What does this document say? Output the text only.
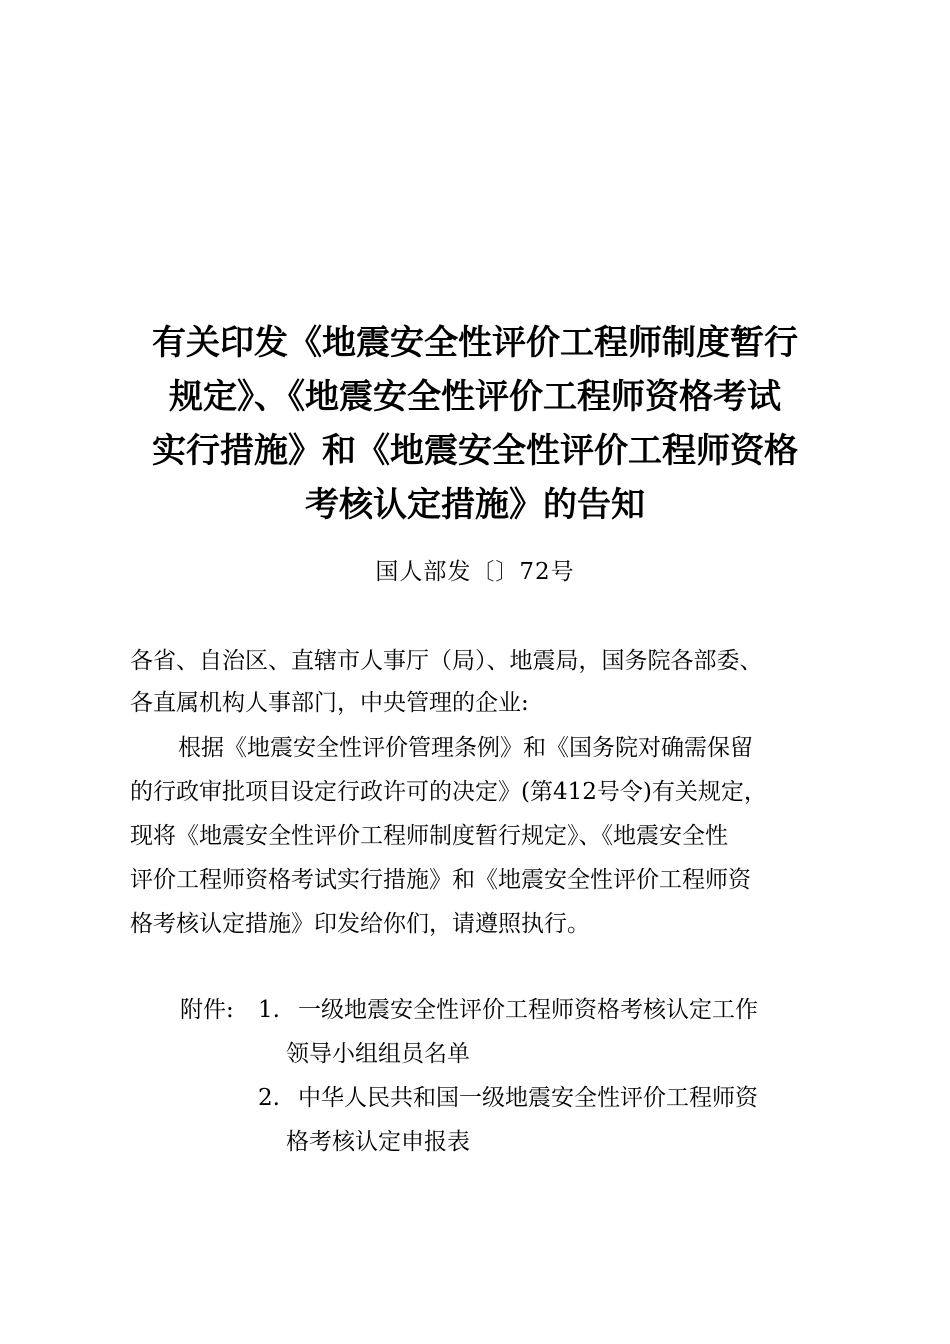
有关印发《地震安全性评价工程师制度暂行
规定》、《地震安全性评价工程师资格考试
实行措施》和《地震安全性评价工程师资格
考核认定措施》的告知
国人部发〔〕72号
各省、自治区、直辖市人事厅（局）、地震局，国务院各部委、
各直属机构人事部门，中央管理的企业:
根据《地震安全性评价管理条例》和《国务院对确需保留
的行政审批项目设定行政许可的决定》(第412号令)有关规定，
现将《地震安全性评价工程师制度暂行规定》、《地震安全性
评价工程师资格考试实行措施》和《地震安全性评价工程师资
格考核认定措施》印发给你们，请遵照执行。
附件:	1. 一级地震安全性评价工程师资格考核认定工作
领导小组组员名单
2. 中华人民共和国一级地震安全性评价工程师资
格考核认定申报表
